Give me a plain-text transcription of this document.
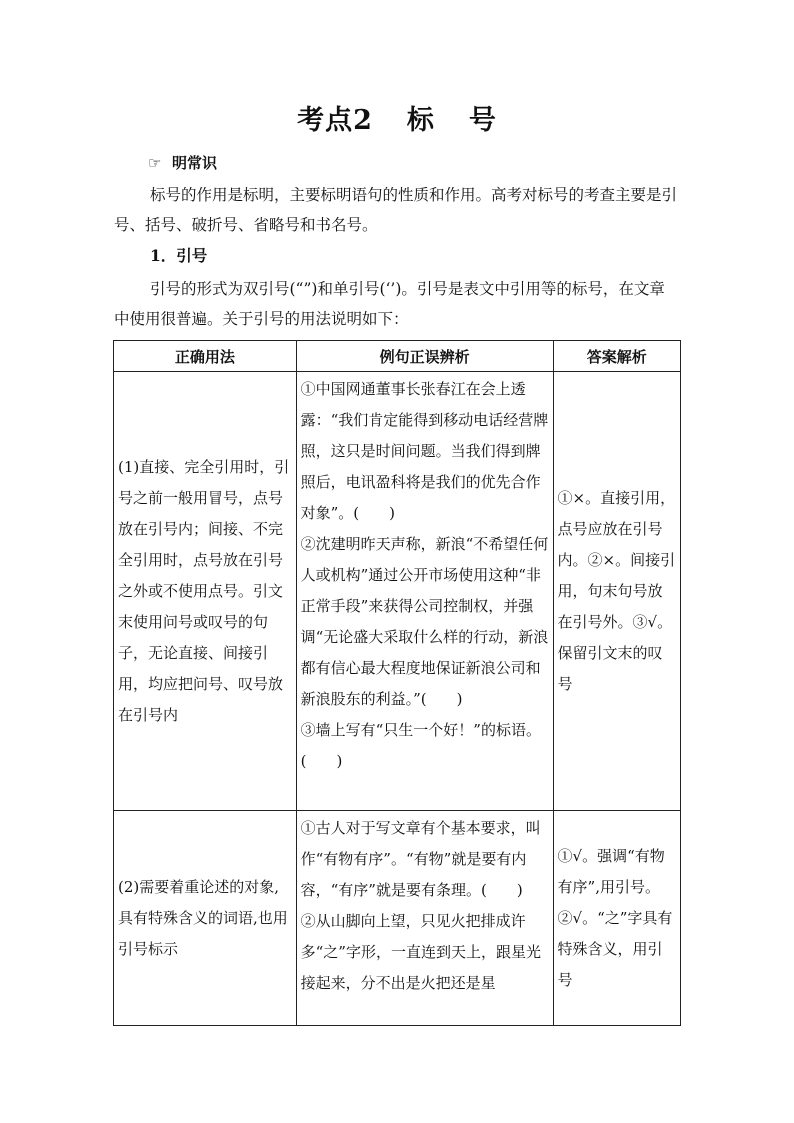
考点2 标 号
☞ 明常识
标号的作用是标明，主要标明语句的性质和作用。高考对标号的考查主要是引号、括号、破折号、省略号和书名号。
1．引号
引号的形式为双引号(“”)和单引号(‘’)。引号是表文中引用等的标号，在文章中使用很普遍。关于引号的用法说明如下：
正确用法	例句正误辨析	答案解析
(1)直接、完全引用时，引号之前一般用冒号，点号放在引号内；间接、不完全引用时，点号放在引号之外或不使用点号。引文末使用问号或叹号的句子，无论直接、间接引用，均应把问号、叹号放在引号内	①中国网通董事长张春江在会上透露：“我们肯定能得到移动电话经营牌照，这只是时间问题。当我们得到牌照后，电讯盈科将是我们的优先合作对象”。(　　)
②沈建明昨天声称，新浪“不希望任何人或机构”通过公开市场使用这种“非正常手段”来获得公司控制权，并强调“无论盛大采取什么样的行动，新浪都有信心最大程度地保证新浪公司和新浪股东的利益。”(　　)
③墙上写有“只生一个好！”的标语。(　　)	①×。直接引用，点号应放在引号内。②×。间接引用，句末句号放在引号外。③√。保留引文末的叹号
(2)需要着重论述的对象,具有特殊含义的词语,也用引号标示	①古人对于写文章有个基本要求，叫作“有物有序”。“有物”就是要有内容，“有序”就是要有条理。(　　)
②从山脚向上望，只见火把排成许多“之”字形，一直连到天上，跟星光接起来，分不出是火把还是星	①√。强调“有物有序”,用引号。②√。“之”字具有特殊含义，用引号
